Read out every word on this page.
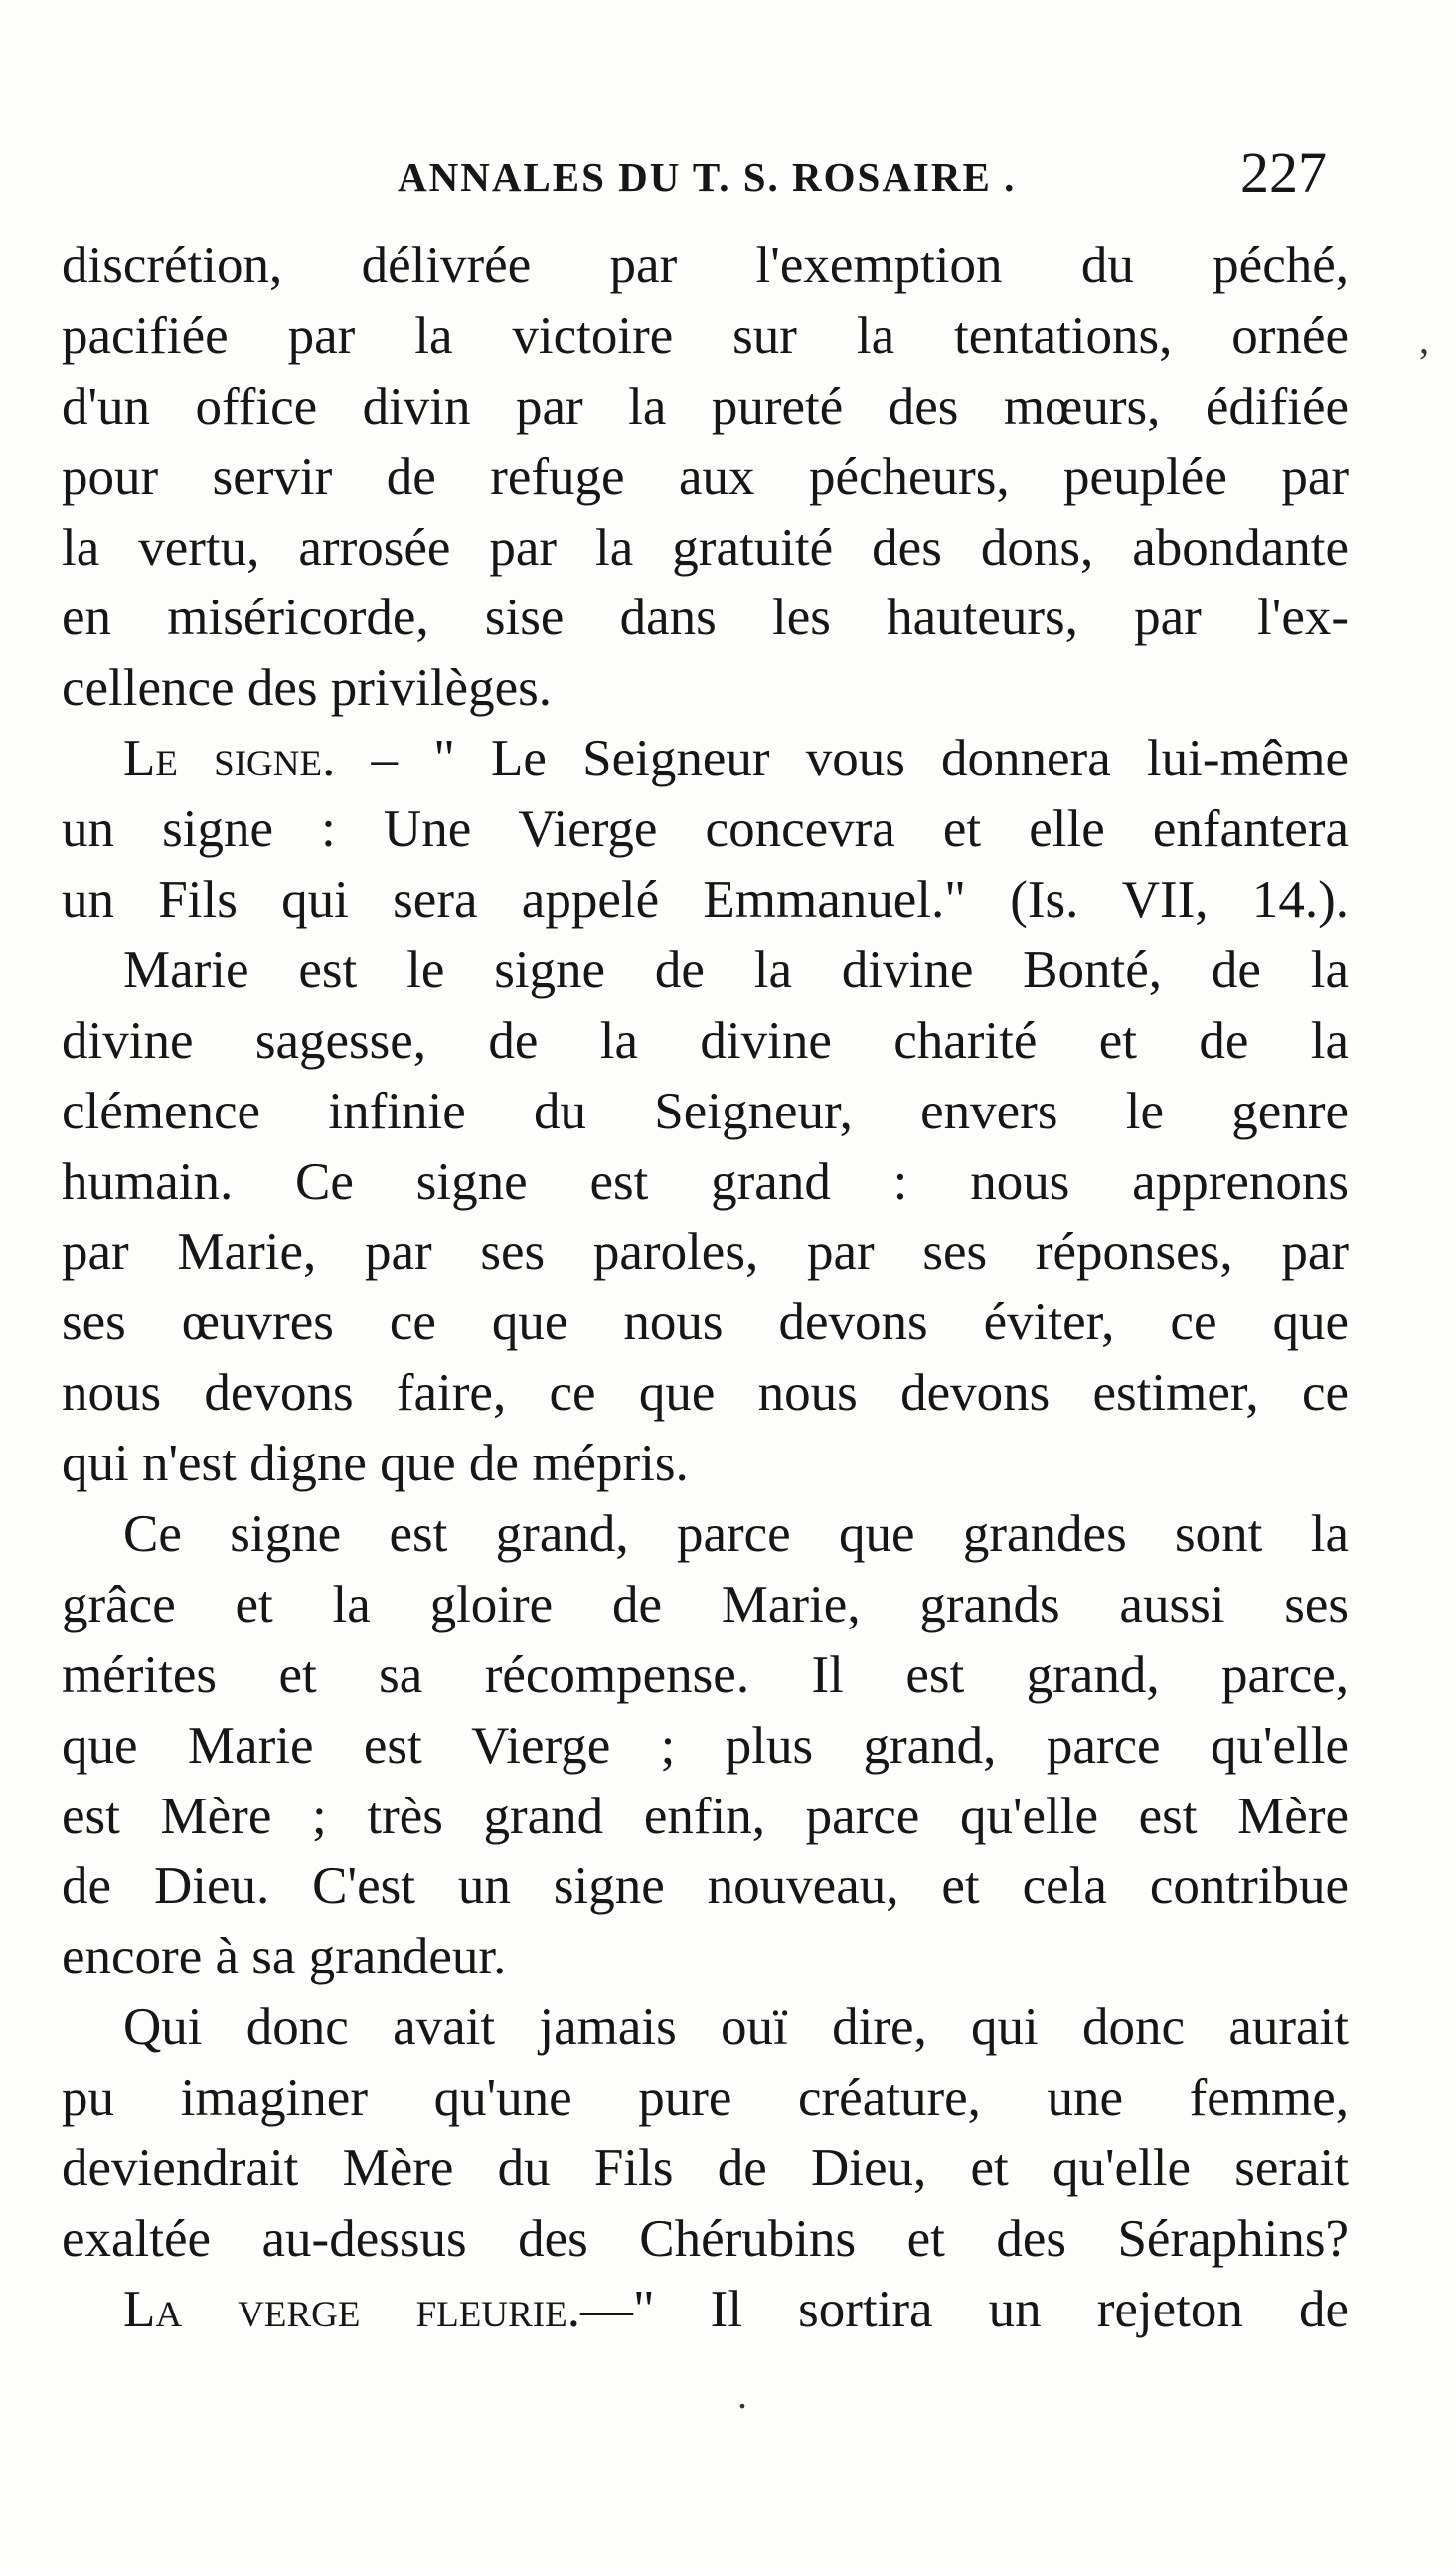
ANNALES DU T. S. ROSAIRE .	227
discrétion, délivrée par l'exemption du péché,
pacifiée par la victoire sur la tentations, ornée
d'un office divin par la pureté des mœurs, édifiée
pour servir de refuge aux pécheurs, peuplée par
la vertu, arrosée par la gratuité des dons, abondante
en miséricorde, sise dans les hauteurs, par l'ex-
cellence des privilèges.
Le signe. – " Le Seigneur vous donnera lui-même
un signe : Une Vierge concevra et elle enfantera
un Fils qui sera appelé Emmanuel." (Is. VII, 14.).
Marie est le signe de la divine Bonté, de la
divine sagesse, de la divine charité et de la
clémence infinie du Seigneur, envers le genre
humain. Ce signe est grand : nous apprenons
par Marie, par ses paroles, par ses réponses, par
ses œuvres ce que nous devons éviter, ce que
nous devons faire, ce que nous devons estimer, ce
qui n'est digne que de mépris.
Ce signe est grand, parce que grandes sont la
grâce et la gloire de Marie, grands aussi ses
mérites et sa récompense. Il est grand, parce,
que Marie est Vierge ; plus grand, parce qu'elle
est Mère ; très grand enfin, parce qu'elle est Mère
de Dieu. C'est un signe nouveau, et cela contribue
encore à sa grandeur.
Qui donc avait jamais ouï dire, qui donc aurait
pu imaginer qu'une pure créature, une femme,
deviendrait Mère du Fils de Dieu, et qu'elle serait
exaltée au-dessus des Chérubins et des Séraphins?
La verge fleurie.—" Il sortira un rejeton de
,
.
